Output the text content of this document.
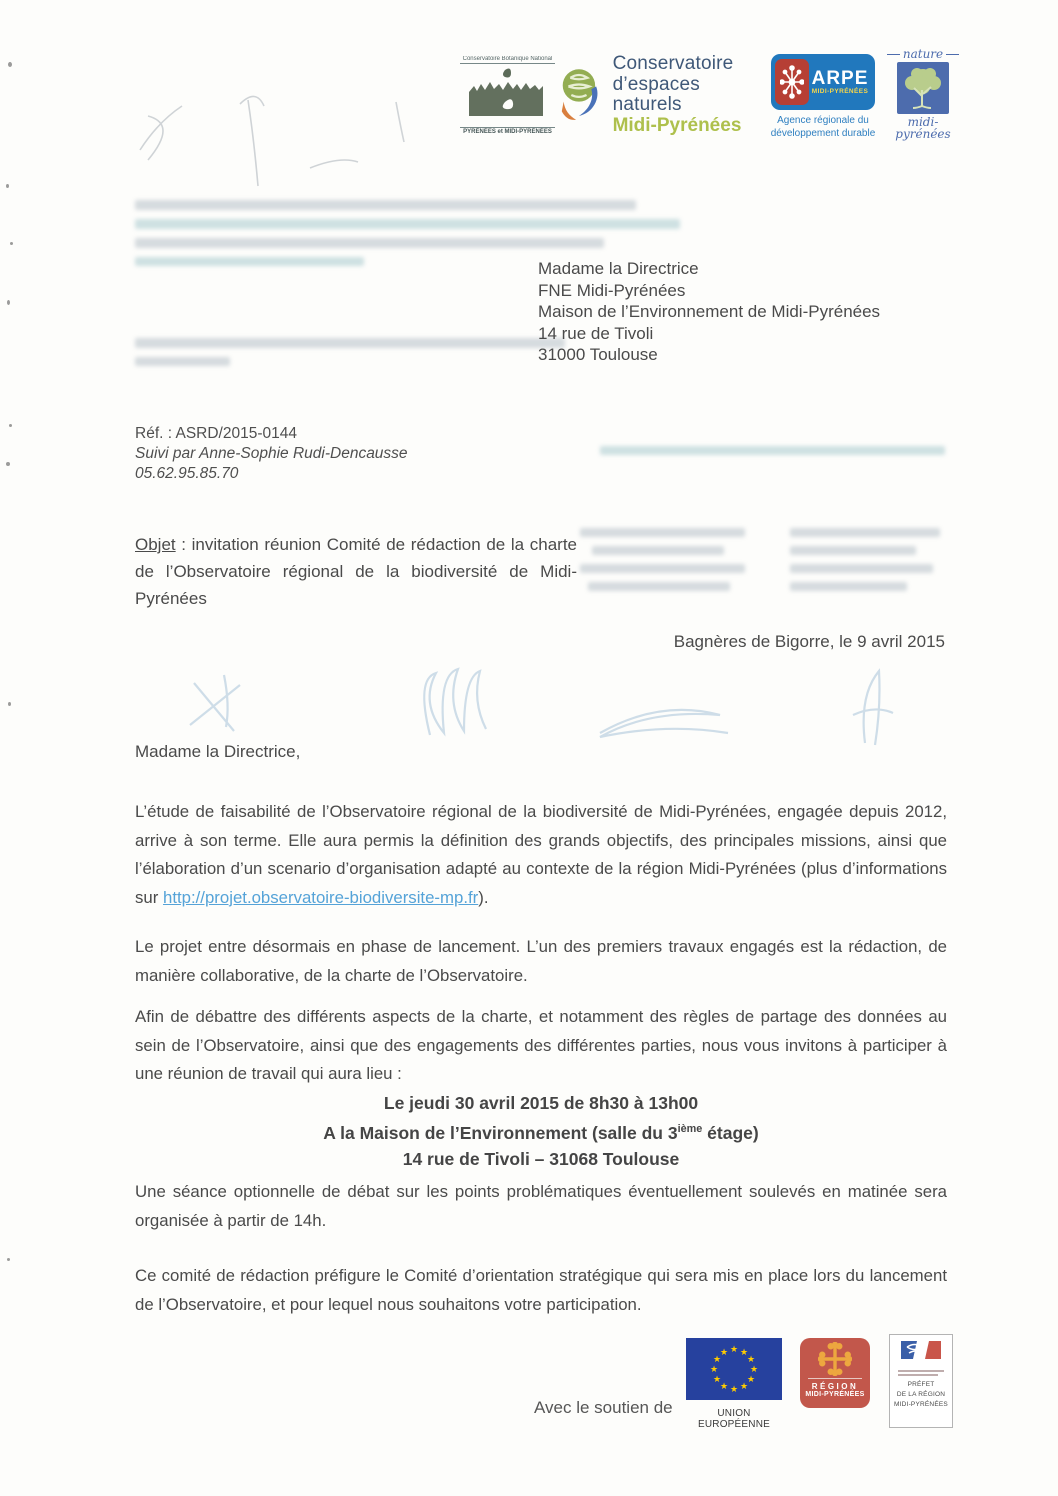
Conservatoire Botanique National
PYRÉNÉES et MIDI-PYRÉNÉES
Conservatoire
d’espaces naturels
Midi-Pyrénées
ARPE
MIDI-PYRÉNÉES
Agence régionale du développement durable
nature
midi-pyrénées
Madame la Directrice
FNE Midi-Pyrénées
Maison de l’Environnement de Midi-Pyrénées
14 rue de Tivoli
31000 Toulouse
Réf. : ASRD/2015-0144
Suivi par Anne-Sophie Rudi-Dencausse
05.62.95.85.70
Objet : invitation réunion Comité de rédaction de la charte de l’Observatoire régional de la biodiversité de Midi-Pyrénées
Bagnères de Bigorre, le 9 avril 2015
Madame la Directrice,
L’étude de faisabilité de l’Observatoire régional de la biodiversité de Midi-Pyrénées, engagée depuis 2012, arrive à son terme. Elle aura permis la définition des grands objectifs, des principales missions, ainsi que l’élaboration d’un scenario d’organisation adapté au contexte de la région Midi-Pyrénées (plus d’informations sur http://projet.observatoire-biodiversite-mp.fr).
Le projet entre désormais en phase de lancement. L’un des premiers travaux engagés est la rédaction, de manière collaborative, de la charte de l’Observatoire.
Afin de débattre des différents aspects de la charte, et notamment des règles de partage des données au sein de l’Observatoire, ainsi que des engagements des différentes parties, nous vous invitons à participer à une réunion de travail qui aura lieu :
Le jeudi 30 avril 2015 de 8h30 à 13h00
A la Maison de l’Environnement (salle du 3ième étage)
14 rue de Tivoli – 31068 Toulouse
Une séance optionnelle de débat sur les points problématiques éventuellement soulevés en matinée sera organisée à partir de 14h.
Ce comité de rédaction préfigure le Comité d’orientation stratégique qui sera mis en place lors du lancement de l’Observatoire, et pour lequel nous souhaitons votre participation.
Avec le soutien de
★ ★
★
★
★
★
★
★
★
★
★
★
UNION EUROPÉENNE
RÉGION
MIDI-PYRÉNÉES
PRÉFET
DE LA RÉGION
MIDI-PYRÉNÉES
